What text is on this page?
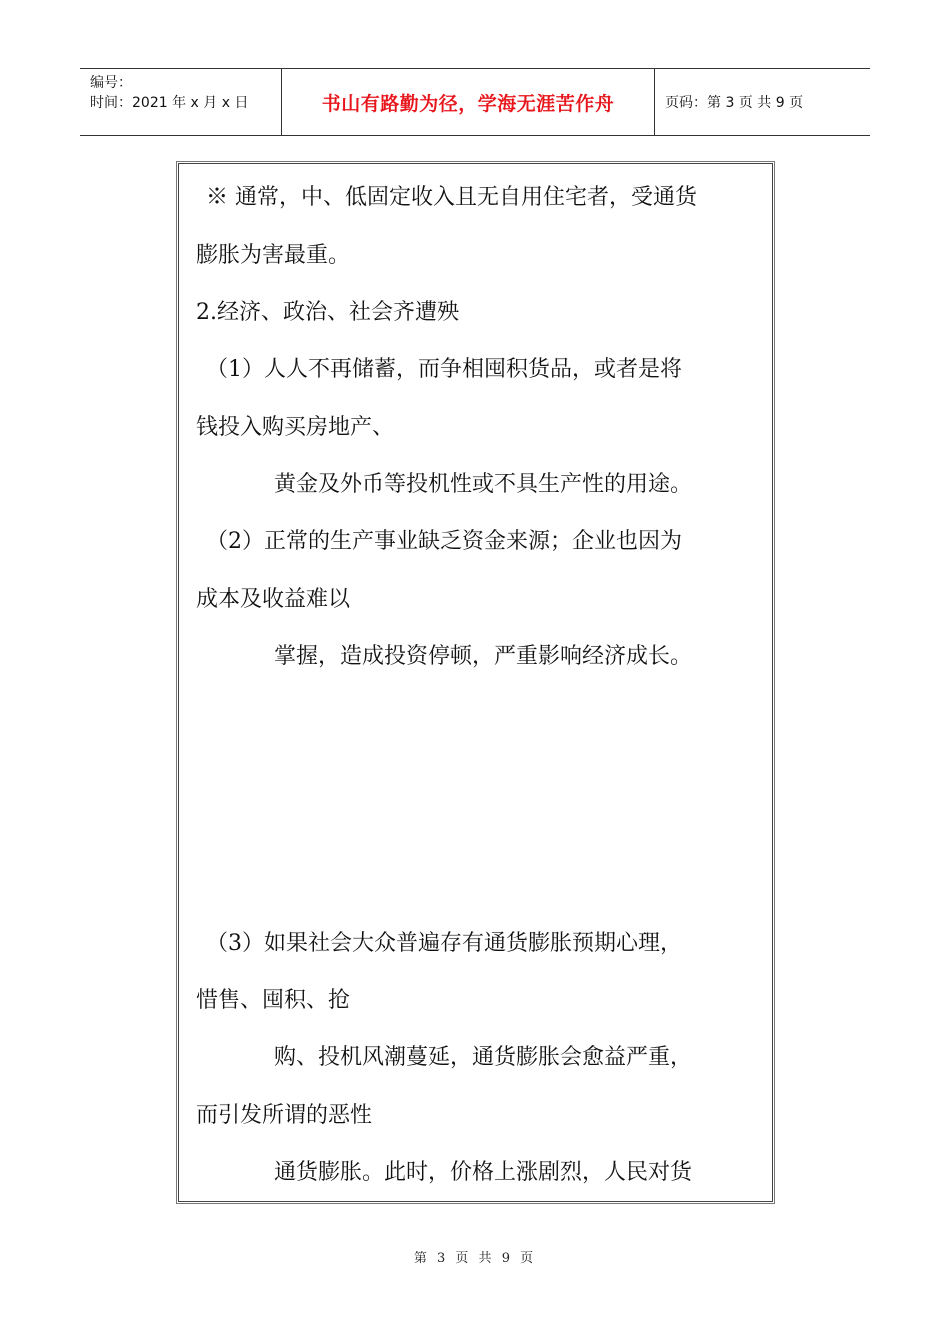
编号：
时间：2021 年 x 月 x 日	书山有路勤为径，学海无涯苦作舟	页码：第 3 页 共 9 页
※ 通常，中、低固定收入且无自用住宅者，受通货
膨胀为害最重。
2.经济、政治、社会齐遭殃
（1）人人不再储蓄，而争相囤积货品，或者是将
钱投入购买房地产、
黄金及外币等投机性或不具生产性的用途。
（2）正常的生产事业缺乏资金来源；企业也因为
成本及收益难以
掌握，造成投资停顿，严重影响经济成长。
（3）如果社会大众普遍存有通货膨胀预期心理，
惜售、囤积、抢
购、投机风潮蔓延，通货膨胀会愈益严重，
而引发所谓的恶性
通货膨胀。此时，价格上涨剧烈，人民对货
第 3 页 共 9 页
